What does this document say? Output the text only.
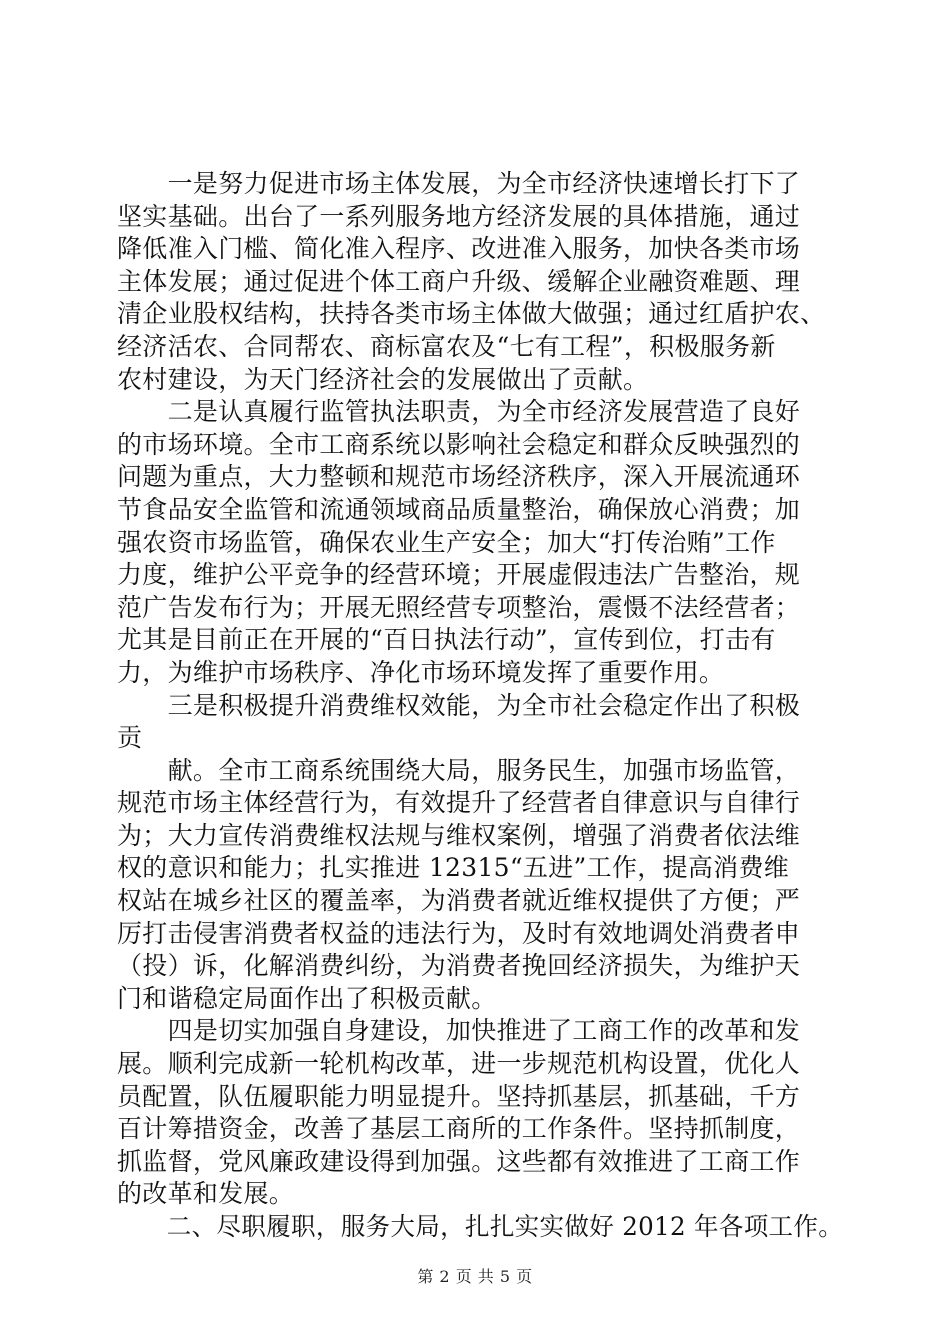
　　一是努力促进市场主体发展，为全市经济快速增长打下了
坚实基础。出台了一系列服务地方经济发展的具体措施，通过
降低准入门槛、简化准入程序、改进准入服务，加快各类市场
主体发展；通过促进个体工商户升级、缓解企业融资难题、理
清企业股权结构，扶持各类市场主体做大做强；通过红盾护农、
经济活农、合同帮农、商标富农及“七有工程”，积极服务新
农村建设，为天门经济社会的发展做出了贡献。
　　二是认真履行监管执法职责，为全市经济发展营造了良好
的市场环境。全市工商系统以影响社会稳定和群众反映强烈的
问题为重点，大力整顿和规范市场经济秩序，深入开展流通环
节食品安全监管和流通领域商品质量整治，确保放心消费；加
强农资市场监管，确保农业生产安全；加大“打传治贿”工作
力度，维护公平竞争的经营环境；开展虚假违法广告整治，规
范广告发布行为；开展无照经营专项整治，震慑不法经营者；
尤其是目前正在开展的“百日执法行动”，宣传到位，打击有
力，为维护市场秩序、净化市场环境发挥了重要作用。
　　三是积极提升消费维权效能，为全市社会稳定作出了积极
贡
　　献。全市工商系统围绕大局，服务民生，加强市场监管，
规范市场主体经营行为，有效提升了经营者自律意识与自律行
为；大力宣传消费维权法规与维权案例，增强了消费者依法维
权的意识和能力；扎实推进 12315“五进”工作，提高消费维
权站在城乡社区的覆盖率，为消费者就近维权提供了方便；严
厉打击侵害消费者权益的违法行为，及时有效地调处消费者申
（投）诉，化解消费纠纷，为消费者挽回经济损失，为维护天
门和谐稳定局面作出了积极贡献。
　　四是切实加强自身建设，加快推进了工商工作的改革和发
展。顺利完成新一轮机构改革，进一步规范机构设置，优化人
员配置，队伍履职能力明显提升。坚持抓基层，抓基础，千方
百计筹措资金，改善了基层工商所的工作条件。坚持抓制度，
抓监督，党风廉政建设得到加强。这些都有效推进了工商工作
的改革和发展。
　　二、尽职履职，服务大局，扎扎实实做好 2012 年各项工作。
第 2 页 共 5 页
